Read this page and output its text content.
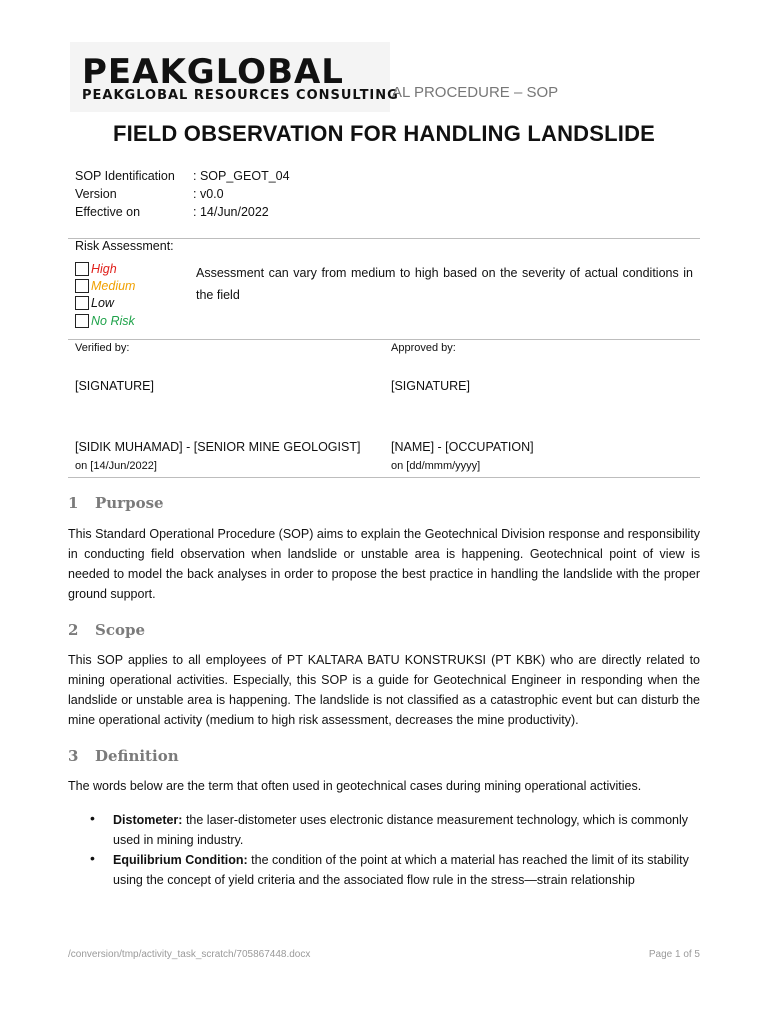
PEAKGLOBAL
PEAKGLOBAL RESOURCES CONSULTING
AL PROCEDURE – SOP
FIELD OBSERVATION FOR HANDLING LANDSLIDE
SOP Identification : SOP_GEOT_04
Version	: v0.0
Effective on	: 14/Jun/2022
Risk Assessment:
High
Medium
Low
No Risk
Assessment can vary from medium to high based on the severity of actual conditions in the field
Verified by:	Approved by:
[SIGNATURE]	[SIGNATURE]
[SIDIK MUHAMAD] - [SENIOR MINE GEOLOGIST] [NAME] - [OCCUPATION]
on [14/Jun/2022]	on [dd/mmm/yyyy]
1 Purpose
This Standard Operational Procedure (SOP) aims to explain the Geotechnical Division response and responsibility in conducting field observation when landslide or unstable area is happening. Geotechnical point of view is needed to model the back analyses in order to propose the best practice in handling the landslide with the proper ground support.
2 Scope
This SOP applies to all employees of PT KALTARA BATU KONSTRUKSI (PT KBK) who are directly related to mining operational activities. Especially, this SOP is a guide for Geotechnical Engineer in responding when the landslide or unstable area is happening. The landslide is not classified as a catastrophic event but can disturb the mine operational activity (medium to high risk assessment, decreases the mine productivity).
3 Definition
The words below are the term that often used in geotechnical cases during mining operational activities.
• Distometer: the laser-distometer uses electronic distance measurement technology, which is commonly used in mining industry.
• Equilibrium Condition: the condition of the point at which a material has reached the limit of its stability using the concept of yield criteria and the associated flow rule in the stress—strain relationship
/conversion/tmp/activity_task_scratch/705867448.docx	Page 1 of 5
